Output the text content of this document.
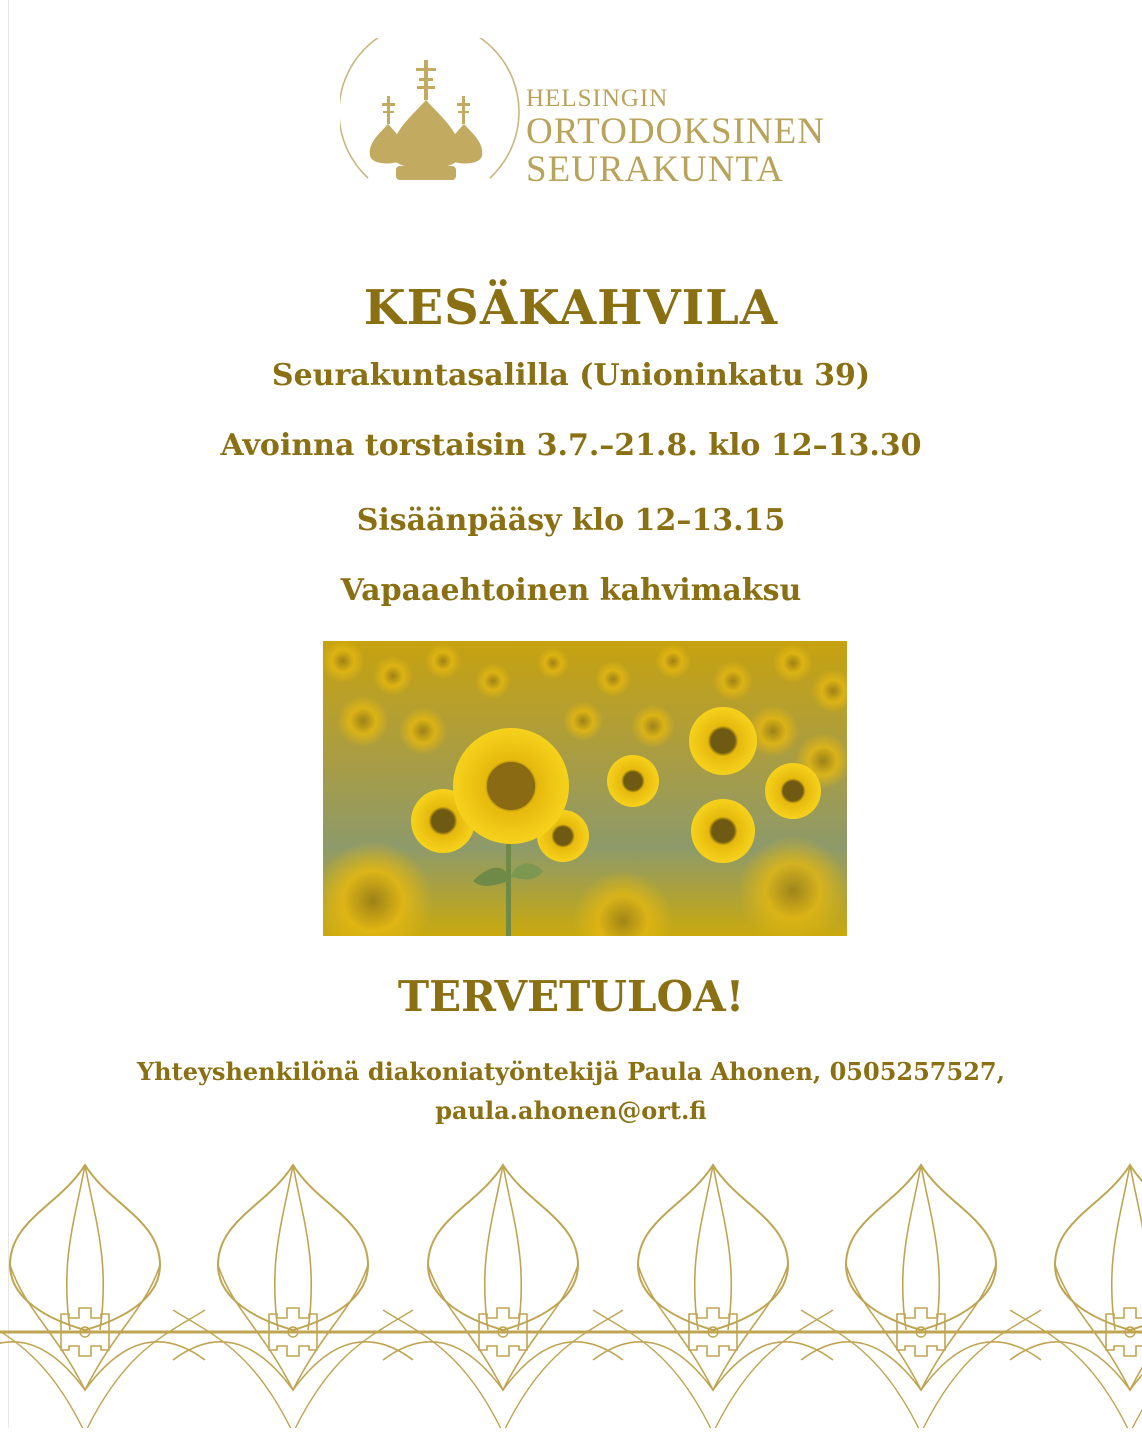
HELSINGIN
ORTODOKSINEN
SEURAKUNTA
KESÄKAHVILA
Seurakuntasalilla (Unioninkatu 39)
Avoinna torstaisin 3.7.–21.8. klo 12–13.30
Sisäänpääsy klo 12–13.15
Vapaaehtoinen kahvimaksu
TERVETULOA!
Yhteyshenkilönä diakoniatyöntekijä Paula Ahonen, 0505257527,
paula.ahonen@ort.fi
